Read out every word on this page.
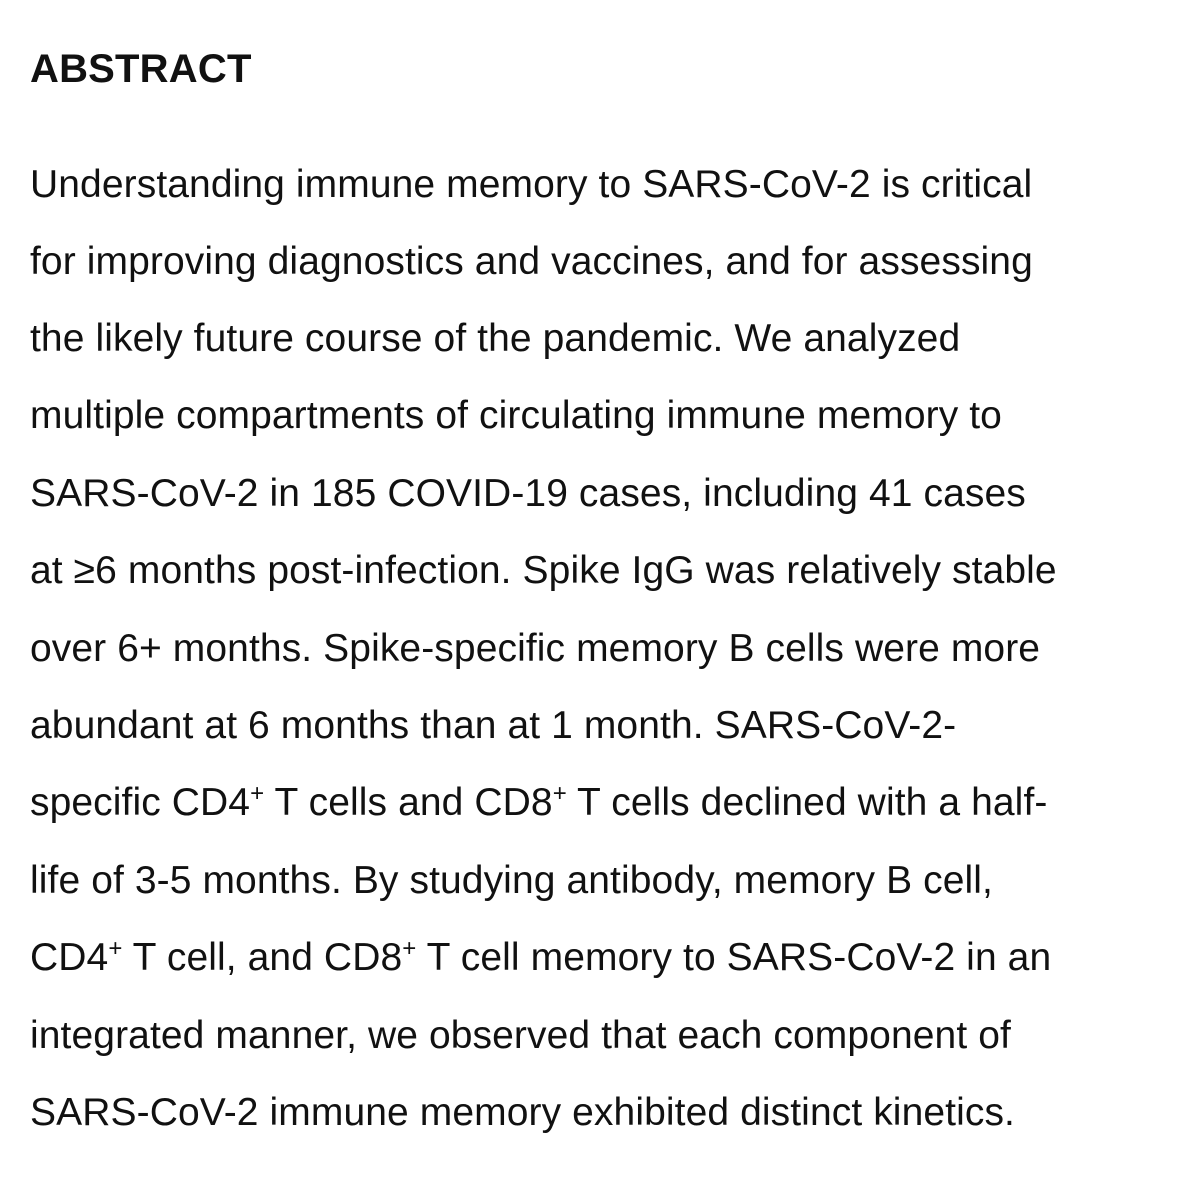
ABSTRACT
Understanding immune memory to SARS-CoV-2 is critical
for improving diagnostics and vaccines, and for assessing
the likely future course of the pandemic. We analyzed
multiple compartments of circulating immune memory to
SARS-CoV-2 in 185 COVID-19 cases, including 41 cases
at ≥6 months post-infection. Spike IgG was relatively stable
over 6+ months. Spike-specific memory B cells were more
abundant at 6 months than at 1 month. SARS-CoV-2-
specific CD4+ T cells and CD8+ T cells declined with a half-
life of 3-5 months. By studying antibody, memory B cell,
CD4+ T cell, and CD8+ T cell memory to SARS-CoV-2 in an
integrated manner, we observed that each component of
SARS-CoV-2 immune memory exhibited distinct kinetics.
